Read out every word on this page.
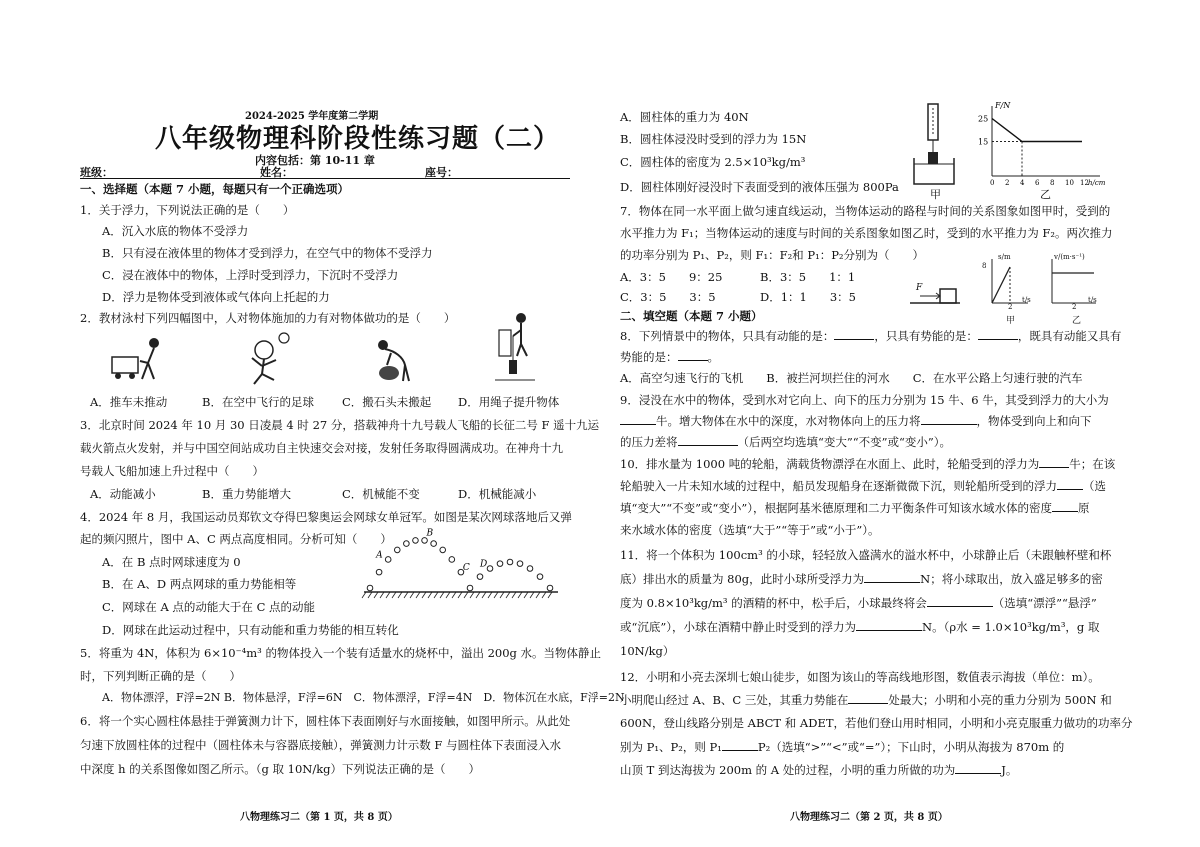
2024-2025 学年度第二学期
八年级物理科阶段性练习题（二）
内容包括：第 10-11 章
班级：	姓名：	座号：
一、选择题（本题 7 小题，每题只有一个正确选项）
1．关于浮力，下列说法正确的是（　　）
A．沉入水底的物体不受浮力
B．只有浸在液体里的物体才受到浮力，在空气中的物体不受浮力
C．浸在液体中的物体，上浮时受到浮力，下沉时不受浮力
D．浮力是物体受到液体或气体向上托起的力
2．教材泳村下列四幅图中，人对物体施加的力有对物体做功的是（　　）
A．推车未推动	B．在空中飞行的足球 C．搬石头未搬起 D．用绳子提升物体
3．北京时间 2024 年 10 月 30 日凌晨 4 时 27 分，搭载神舟十九号载人飞船的长征二号 F 遥十九运
载火箭点火发射，并与中国空间站成功自主快速交会对接，发射任务取得圆满成功。在神舟十九
号载人飞船加速上升过程中（　　）
A．动能减小	B．重力势能增大	C．机械能不变	D．机械能减小
4．2024 年 8 月，我国运动员郑钦文夺得巴黎奥运会网球女单冠军。如图是某次网球落地后又弹
起的频闪照片，图中 A、C 两点高度相同。分析可知（　　）
A
B
C D
A．在 B 点时网球速度为 0
B．在 A、D 两点网球的重力势能相等
C．网球在 A 点的动能大于在 C 点的动能
D．网球在此运动过程中，只有动能和重力势能的相互转化
5．将重为 4N，体积为 6×10⁻⁴m³ 的物体投入一个装有适量水的烧杯中，溢出 200g 水。当物体静止
时，下列判断正确的是（　　）
A．物体漂浮，F浮=2N B．物体悬浮，F浮=6N　C．物体漂浮，F浮=4N　D．物体沉在水底，F浮=2N
6．将一个实心圆柱体悬挂于弹簧测力计下，圆柱体下表面刚好与水面接触，如图甲所示。从此处
匀速下放圆柱体的过程中（圆柱体未与容器底接触），弹簧测力计示数 F 与圆柱体下表面浸入水
中深度 h 的关系图像如图乙所示。（g 取 10N/kg）下列说法正确的是（　　）
八物理练习二（第 1 页，共 8 页）
A．圆柱体的重力为 40N
B．圆柱体浸没时受到的浮力为 15N
C．圆柱体的密度为 2.5×10³kg/m³
D．圆柱体刚好浸没时下表面受到的液体压强为 800Pa
甲
F/N
h/cm
25
15
0 2 4 6 8 10 12
乙
7．物体在同一水平面上做匀速直线运动，当物体运动的路程与时间的关系图象如图甲时，受到的
水平推力为 F₁；当物体运动的速度与时间的关系图象如图乙时，受到的水平推力为 F₂。两次推力
的功率分别为 P₁、P₂，则 F₁：F₂和 P₁：P₂分别为（　　）
A．3：5　　9：25	B．3：5　　1：1
C．3：5　　3：5	D．1：1　　3：5
F
s/m
8
2
t/s
甲
v/(m·s⁻¹)
t/s
2
乙
二、填空题（本题 7 小题）
8．下列情景中的物体，只具有动能的是：	，只具有势能的是：	，既具有动能又具有
势能的是：	。
A．高空匀速飞行的飞机　　B．被拦河坝拦住的河水　　C．在水平公路上匀速行驶的汽车
9．浸没在水中的物体，受到水对它向上、向下的压力分别为 15 牛、6 牛，其受到浮力的大小为
牛。增大物体在水中的深度，水对物体向上的压力将	，物体受到向上和向下
的压力差将	（后两空均选填“变大”“不变”或“变小”）。
10．排水量为 1000 吨的轮船，满载货物漂浮在水面上、此时，轮船受到的浮力为	牛；在该
轮船驶入一片未知水域的过程中，船员发现船身在逐渐微微下沉，则轮船所受到的浮力 （选
填“变大”“不变”或“变小”），根据阿基米德原理和二力平衡条件可知该水域水体的密度 原
来水域水体的密度（选填“大于”“等于”或“小于”）。
11．将一个体积为 100cm³ 的小球，轻轻放入盛满水的溢水杯中，小球静止后（未跟触杯壁和杯
底）排出水的质量为 80g，此时小球所受浮力为	N；将小球取出，放入盛足够多的密
度为 0.8×10³kg/m³ 的酒精的杯中，松手后，小球最终将会	（选填“漂浮”“悬浮”
或“沉底”），小球在酒精中静止时受到的浮力为	N。（ρ水 = 1.0×10³kg/m³，g 取
10N/kg）
12．小明和小亮去深圳七娘山徒步，如图为该山的等高线地形图，数值表示海拔（单位：m）。
小明爬山经过 A、B、C 三处，其重力势能在	处最大；小明和小亮的重力分别为 500N 和
600N，登山线路分别是 ABCT 和 ADET，若他们登山用时相同，小明和小亮克服重力做功的功率分
别为 P₁、P₂，则 P₁	P₂（选填“>”“<”或“=”）；下山时，小明从海拔为 870m 的
山顶 T 到达海拔为 200m 的 A 处的过程，小明的重力所做的功为	J。
八物理练习二（第 2 页，共 8 页）
